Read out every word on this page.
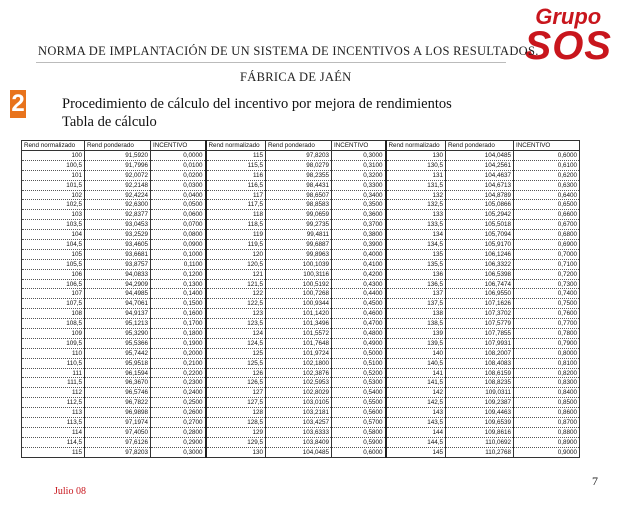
Grupo
SOS
NORMA DE IMPLANTACIÓN DE UN SISTEMA DE INCENTIVOS A LOS RESULTADOS.
FÁBRICA DE JAÉN
2	Procedimiento de cálculo del incentivo por mejora de rendimientos
Tabla de cálculo
Rend normalizado	Rend ponderado	INCENTIVO	Rend normalizado	Rend ponderado	INCENTIVO	Rend normalizado	Rend ponderado	INCENTIVO
100	91,5920	0,0000	115	97,8203	0,3000	130	104,0485	0,6000
100,5	91,7996	0,0100	115,5	98,0279	0,3100	130,5	104,2561	0,6100
101	92,0072	0,0200	116	98,2355	0,3200	131	104,4637	0,6200
101,5	92,2148	0,0300	116,5	98,4431	0,3300	131,5	104,6713	0,6300
102	92,4224	0,0400	117	98,6507	0,3400	132	104,8789	0,6400
102,5	92,6300	0,0500	117,5	98,8583	0,3500	132,5	105,0866	0,6500
103	92,8377	0,0600	118	99,0659	0,3600	133	105,2942	0,6600
103,5	93,0453	0,0700	118,5	99,2735	0,3700	133,5	105,5018	0,6700
104	93,2529	0,0800	119	99,4811	0,3800	134	105,7094	0,6800
104,5	93,4605	0,0900	119,5	99,6887	0,3900	134,5	105,9170	0,6900
105	93,6681	0,1000	120	99,8963	0,4000	135	106,1246	0,7000
105,5	93,8757	0,1100	120,5	100,1039	0,4100	135,5	106,3322	0,7100
106	94,0833	0,1200	121	100,3116	0,4200	136	106,5398	0,7200
106,5	94,2909	0,1300	121,5	100,5192	0,4300	136,5	106,7474	0,7300
107	94,4985	0,1400	122	100,7268	0,4400	137	106,9550	0,7400
107,5	94,7061	0,1500	122,5	100,9344	0,4500	137,5	107,1626	0,7500
108	94,9137	0,1600	123	101,1420	0,4600	138	107,3702	0,7600
108,5	95,1213	0,1700	123,5	101,3496	0,4700	138,5	107,5779	0,7700
109	95,3290	0,1800	124	101,5572	0,4800	139	107,7855	0,7800
109,5	95,5366	0,1900	124,5	101,7648	0,4900	139,5	107,9931	0,7900
110	95,7442	0,2000	125	101,9724	0,5000	140	108,2007	0,8000
110,5	95,9518	0,2100	125,5	102,1800	0,5100	140,5	108,4083	0,8100
111	96,1594	0,2200	126	102,3876	0,5200	141	108,6159	0,8200
111,5	96,3670	0,2300	126,5	102,5953	0,5300	141,5	108,8235	0,8300
112	96,5746	0,2400	127	102,8029	0,5400	142	109,0311	0,8400
112,5	96,7822	0,2500	127,5	103,0105	0,5500	142,5	109,2387	0,8500
113	96,9898	0,2600	128	103,2181	0,5600	143	109,4463	0,8600
113,5	97,1974	0,2700	128,5	103,4257	0,5700	143,5	109,6539	0,8700
114	97,4050	0,2800	129	103,6333	0,5800	144	109,8616	0,8800
114,5	97,6126	0,2900	129,5	103,8409	0,5900	144,5	110,0692	0,8900
115	97,8203	0,3000	130	104,0485	0,6000	145	110,2768	0,9000
Julio 08
7
